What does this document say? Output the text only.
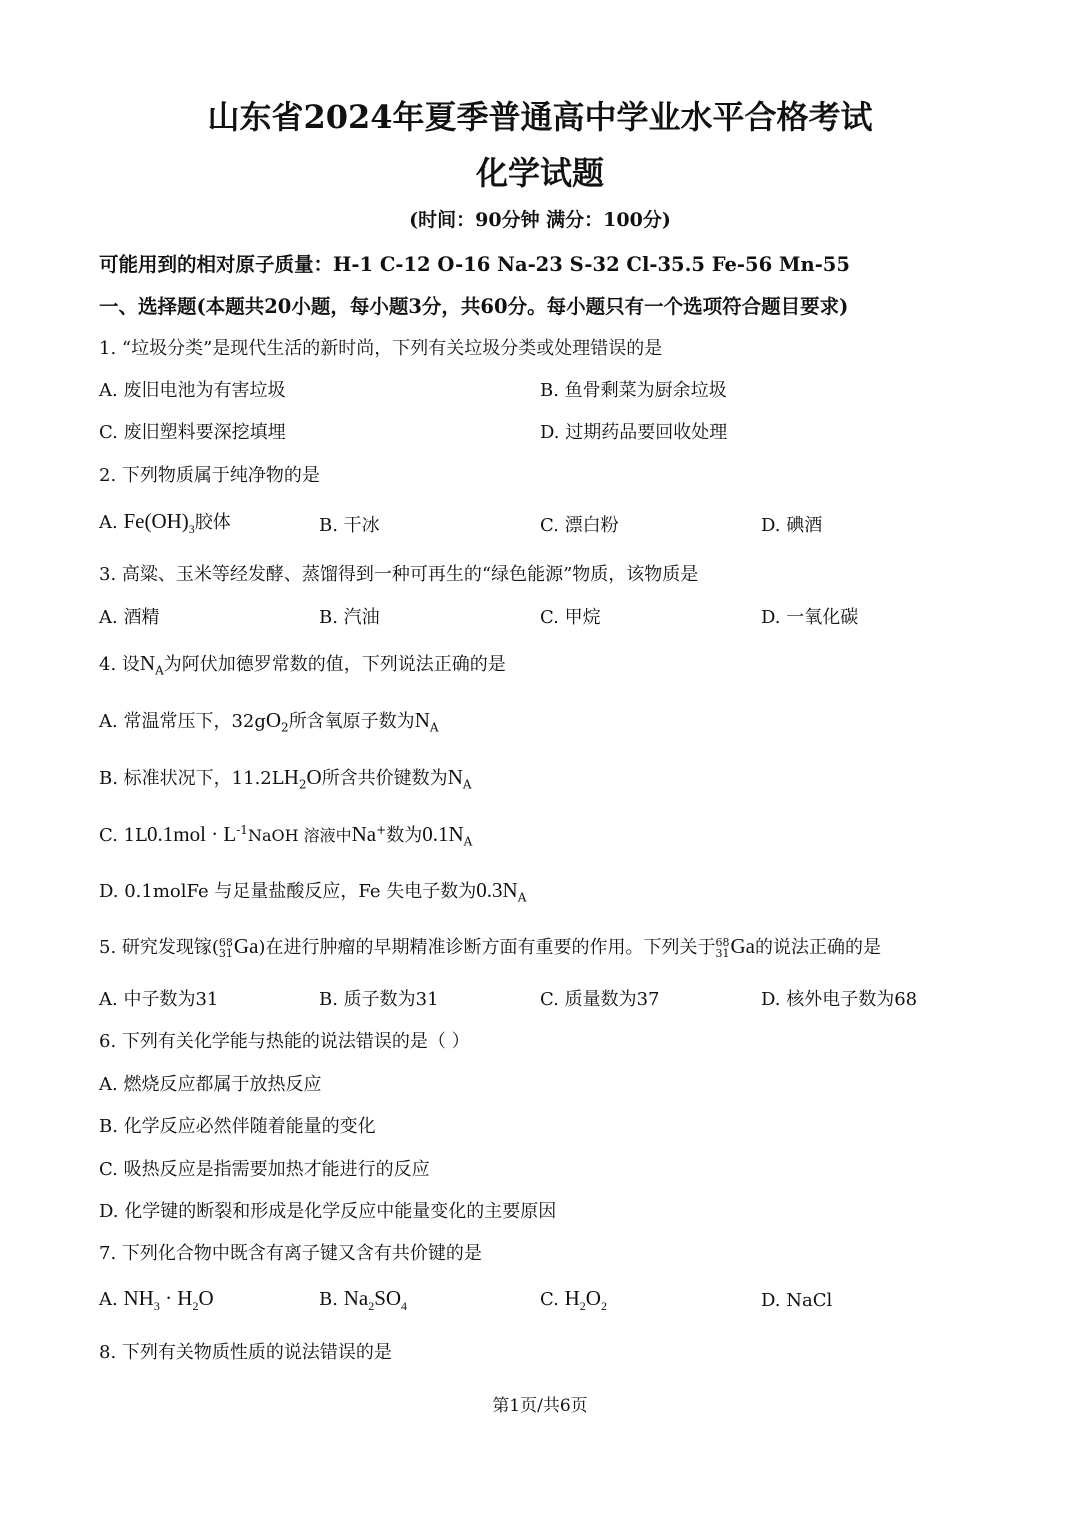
山东省2024年夏季普通高中学业水平合格考试
化学试题
(时间：90分钟 满分：100分)
可能用到的相对原子质量：H-1 C-12 O-16 Na-23 S-32 Cl-35.5 Fe-56 Mn-55
一、选择题(本题共20小题，每小题3分，共60分。每小题只有一个选项符合题目要求)
1. “垃圾分类”是现代生活的新时尚，下列有关垃圾分类或处理错误的是
A. 废旧电池为有害垃圾	B. 鱼骨剩菜为厨余垃圾
C. 废旧塑料要深挖填埋	D. 过期药品要回收处理
2. 下列物质属于纯净物的是
A. $Fe(OH)_3$胶体	B. 干冰	C. 漂白粉	D. 碘酒
3. 高粱、玉米等经发酵、蒸馏得到一种可再生的“绿色能源”物质，该物质是
A. 酒精	B. 汽油	C. 甲烷	D. 一氧化碳
4. 设$N_A$为阿伏加德罗常数的值，下列说法正确的是
A. 常温常压下，$32gO_2$所含氧原子数为$N_A$
B. 标准状况下，$11.2LH_2O$所含共价键数为$N_A$
C. $1L0.1mol \cdot L^{-1}NaOH$ 溶液中Na+数为$0.1N_A$
D. 0.1molFe 与足量盐酸反应，Fe 失电子数为$0.3N_A$
5. 研究发现镓( 68
31 Ga)在进行肿瘤的早期精准诊断方面有重要的作用。下列关于 68
31 Ga的说法正确的是
A. 中子数为31	B. 质子数为31	C. 质量数为37	D. 核外电子数为68
6. 下列有关化学能与热能的说法错误的是（ ）
A. 燃烧反应都属于放热反应
B. 化学反应必然伴随着能量的变化
C. 吸热反应是指需要加热才能进行的反应
D. 化学键的断裂和形成是化学反应中能量变化的主要原因
7. 下列化合物中既含有离子键又含有共价键的是
A. $NH_3 \cdot H_2O$	B. $Na_2SO_4$	C. $H_2O_2$	D. NaCl
8. 下列有关物质性质的说法错误的是
第1页/共6页
